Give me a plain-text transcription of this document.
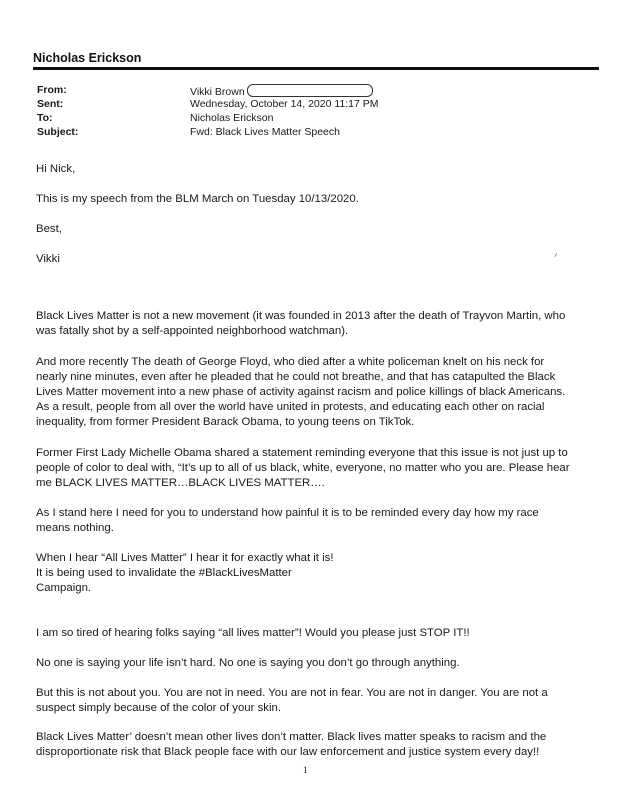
Nicholas Erickson
From:	Vikki Brown
Sent:	Wednesday, October 14, 2020 11:17 PM
To:	Nicholas Erickson
Subject:	Fwd: Black Lives Matter Speech
Hi Nick,
This is my speech from the BLM March on Tuesday 10/13/2020.
Best,
Vikki
Black Lives Matter is not a new movement (it was founded in 2013 after the death of Trayvon Martin, who was fatally shot by a self-appointed neighborhood watchman).
And more recently The death of George Floyd, who died after a white policeman knelt on his neck for nearly nine minutes, even after he pleaded that he could not breathe, and that has catapulted the Black Lives Matter movement into a new phase of activity against racism and police killings of black Americans. As a result, people from all over the world have united in protests, and educating each other on racial inequality, from former President Barack Obama, to young teens on TikTok.
Former First Lady Michelle Obama shared a statement reminding everyone that this issue is not just up to people of color to deal with, “It’s up to all of us black, white, everyone, no matter who you are. Please hear me BLACK LIVES MATTER…BLACK LIVES MATTER….
As I stand here I need for you to understand how painful it is to be reminded every day how my race means nothing.
When I hear “All Lives Matter” I hear it for exactly what it is!
It is being used to invalidate the #BlackLivesMatter
Campaign.
I am so tired of hearing folks saying “all lives matter”! Would you please just STOP IT!!
No one is saying your life isn’t hard. No one is saying you don’t go through anything.
But this is not about you. You are not in need. You are not in fear. You are not in danger. You are not a suspect simply because of the color of your skin.
Black Lives Matter’ doesn’t mean other lives don’t matter. Black lives matter speaks to racism and the disproportionate risk that Black people face with our law enforcement and justice system every day!!
1
